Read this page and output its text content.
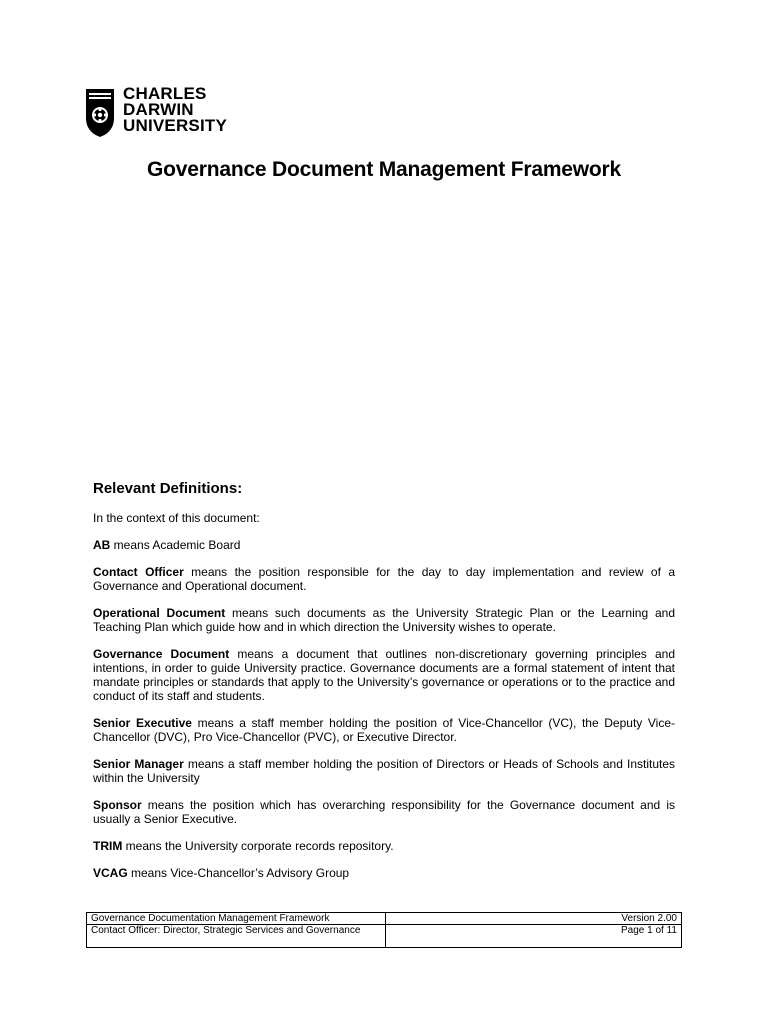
CHARLES
DARWIN
UNIVERSITY
Governance Document Management Framework

Relevant Definitions:

In the context of this document:

AB means Academic Board

Contact Officer means the position responsible for the day to day implementation and review of a Governance and Operational document.

Operational Document means such documents as the University Strategic Plan or the Learning and Teaching Plan which guide how and in which direction the University wishes to operate.

Governance Document means a document that outlines non-discretionary governing principles and intentions, in order to guide University practice. Governance documents are a formal statement of intent that mandate principles or standards that apply to the University’s governance or operations or to the practice and conduct of its staff and students.

Senior Executive means a staff member holding the position of Vice-Chancellor (VC), the Deputy Vice-Chancellor (DVC), Pro Vice-Chancellor (PVC), or Executive Director.

Senior Manager means a staff member holding the position of Directors or Heads of Schools and Institutes within the University

Sponsor means the position which has overarching responsibility for the Governance document and is usually a Senior Executive.

TRIM means the University corporate records repository.

VCAG means Vice-Chancellor’s Advisory Group

Governance Documentation Management Framework	Version 2.00
Contact Officer: Director, Strategic Services and Governance	Page 1 of 11
